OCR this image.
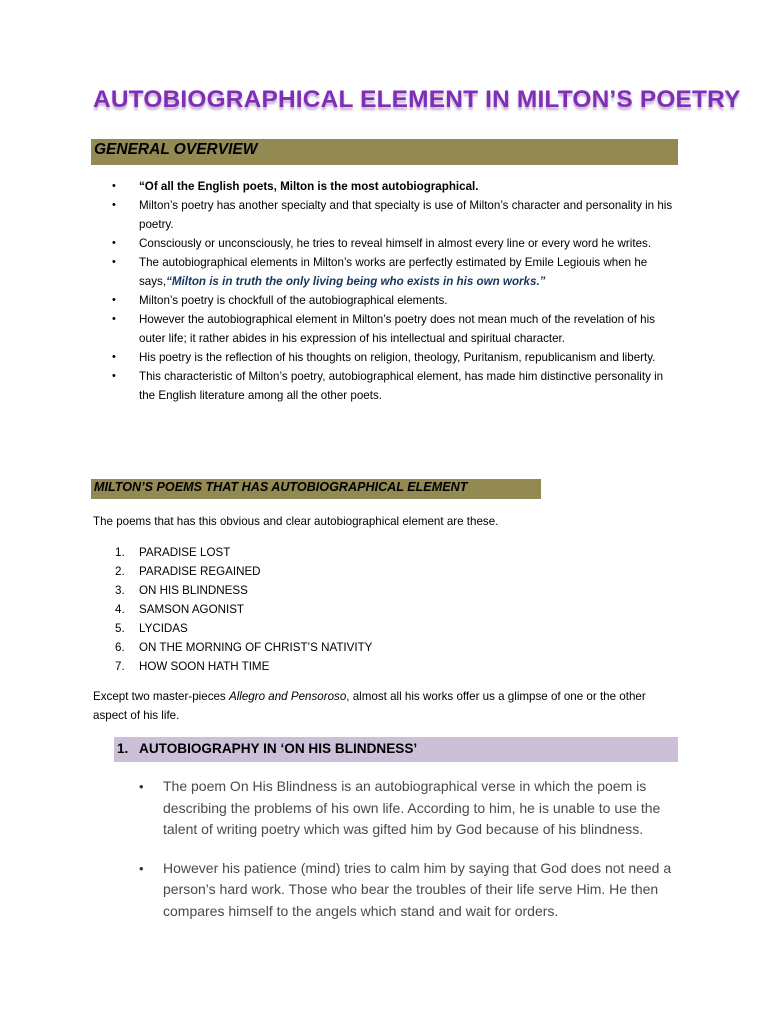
AUTOBIOGRAPHICAL ELEMENT IN MILTON’S POETRY
GENERAL OVERVIEW
•	“Of all the English poets, Milton is the most autobiographical.
•	Milton’s poetry has another specialty and that specialty is use of Milton’s character and personality in his poetry.
•	Consciously or unconsciously, he tries to reveal himself in almost every line or every word he writes.
•	The autobiographical elements in Milton’s works are perfectly estimated by Emile Legiouis when he says,“Milton is in truth the only living being who exists in his own works.”
•	Milton’s poetry is chockfull of the autobiographical elements.
•	However the autobiographical element in Milton’s poetry does not mean much of the revelation of his outer life; it rather abides in his expression of his intellectual and spiritual character.
•	His poetry is the reflection of his thoughts on religion, theology, Puritanism, republicanism and liberty.
•	This characteristic of Milton’s poetry, autobiographical element, has made him distinctive personality in the English literature among all the other poets.
MILTON’S POEMS THAT HAS AUTOBIOGRAPHICAL ELEMENT
The poems that has this obvious and clear autobiographical element are these.
1. PARADISE LOST
2. PARADISE REGAINED
3. ON HIS BLINDNESS
4. SAMSON AGONIST
5. LYCIDAS
6. ON THE MORNING OF CHRIST’S NATIVITY
7. HOW SOON HATH TIME
Except two master-pieces Allegro and Pensoroso, almost all his works offer us a glimpse of one or the other aspect of his life.
1. AUTOBIOGRAPHY IN ‘ON HIS BLINDNESS’
• The poem On His Blindness is an autobiographical verse in which the poem is describing the problems of his own life. According to him, he is unable to use the talent of writing poetry which was gifted him by God because of his blindness.
• However his patience (mind) tries to calm him by saying that God does not need a person’s hard work. Those who bear the troubles of their life serve Him. He then compares himself to the angels which stand and wait for orders.
